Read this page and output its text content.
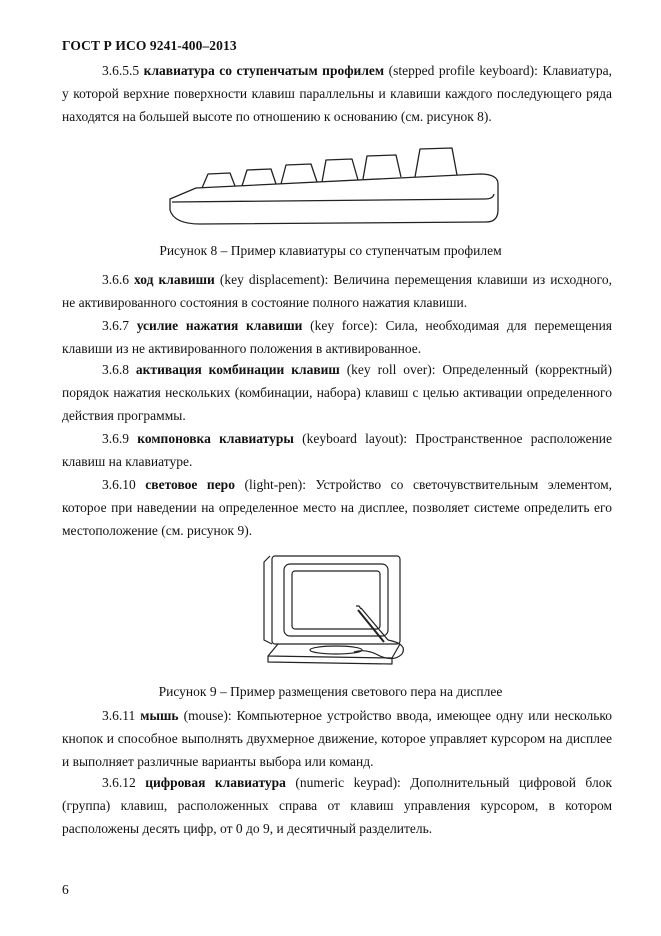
ГОСТ Р ИСО 9241-400–2013
3.6.5.5 клавиатура со ступенчатым профилем (stepped profile keyboard): Клавиатура, у которой верхние поверхности клавиш параллельны и клавиши каждого последующего ряда находятся на большей высоте по отношению к основанию (см. рисунок 8).
Рисунок 8 – Пример клавиатуры со ступенчатым профилем
3.6.6 ход клавиши (key displacement): Величина перемещения клавиши из исходного, не активированного состояния в состояние полного нажатия клавиши.
3.6.7 усилие нажатия клавиши (key force): Сила, необходимая для перемещения клавиши из не активированного положения в активированное.
3.6.8 активация комбинации клавиш (key roll over): Определенный (корректный) порядок нажатия нескольких (комбинации, набора) клавиш с целью активации определенного действия программы.
3.6.9 компоновка клавиатуры (keyboard layout): Пространственное расположение клавиш на клавиатуре.
3.6.10 световое перо (light-pen): Устройство со светочувствительным элементом, которое при наведении на определенное место на дисплее, позволяет системе определить его местоположение (см. рисунок 9).
Рисунок 9 – Пример размещения светового пера на дисплее
3.6.11 мышь (mouse): Компьютерное устройство ввода, имеющее одну или несколько кнопок и способное выполнять двухмерное движение, которое управляет курсором на дисплее и выполняет различные варианты выбора или команд.
3.6.12 цифровая клавиатура (numeric keypad): Дополнительный цифровой блок (группа) клавиш, расположенных справа от клавиш управления курсором, в котором расположены десять цифр, от 0 до 9, и десятичный разделитель.
6
